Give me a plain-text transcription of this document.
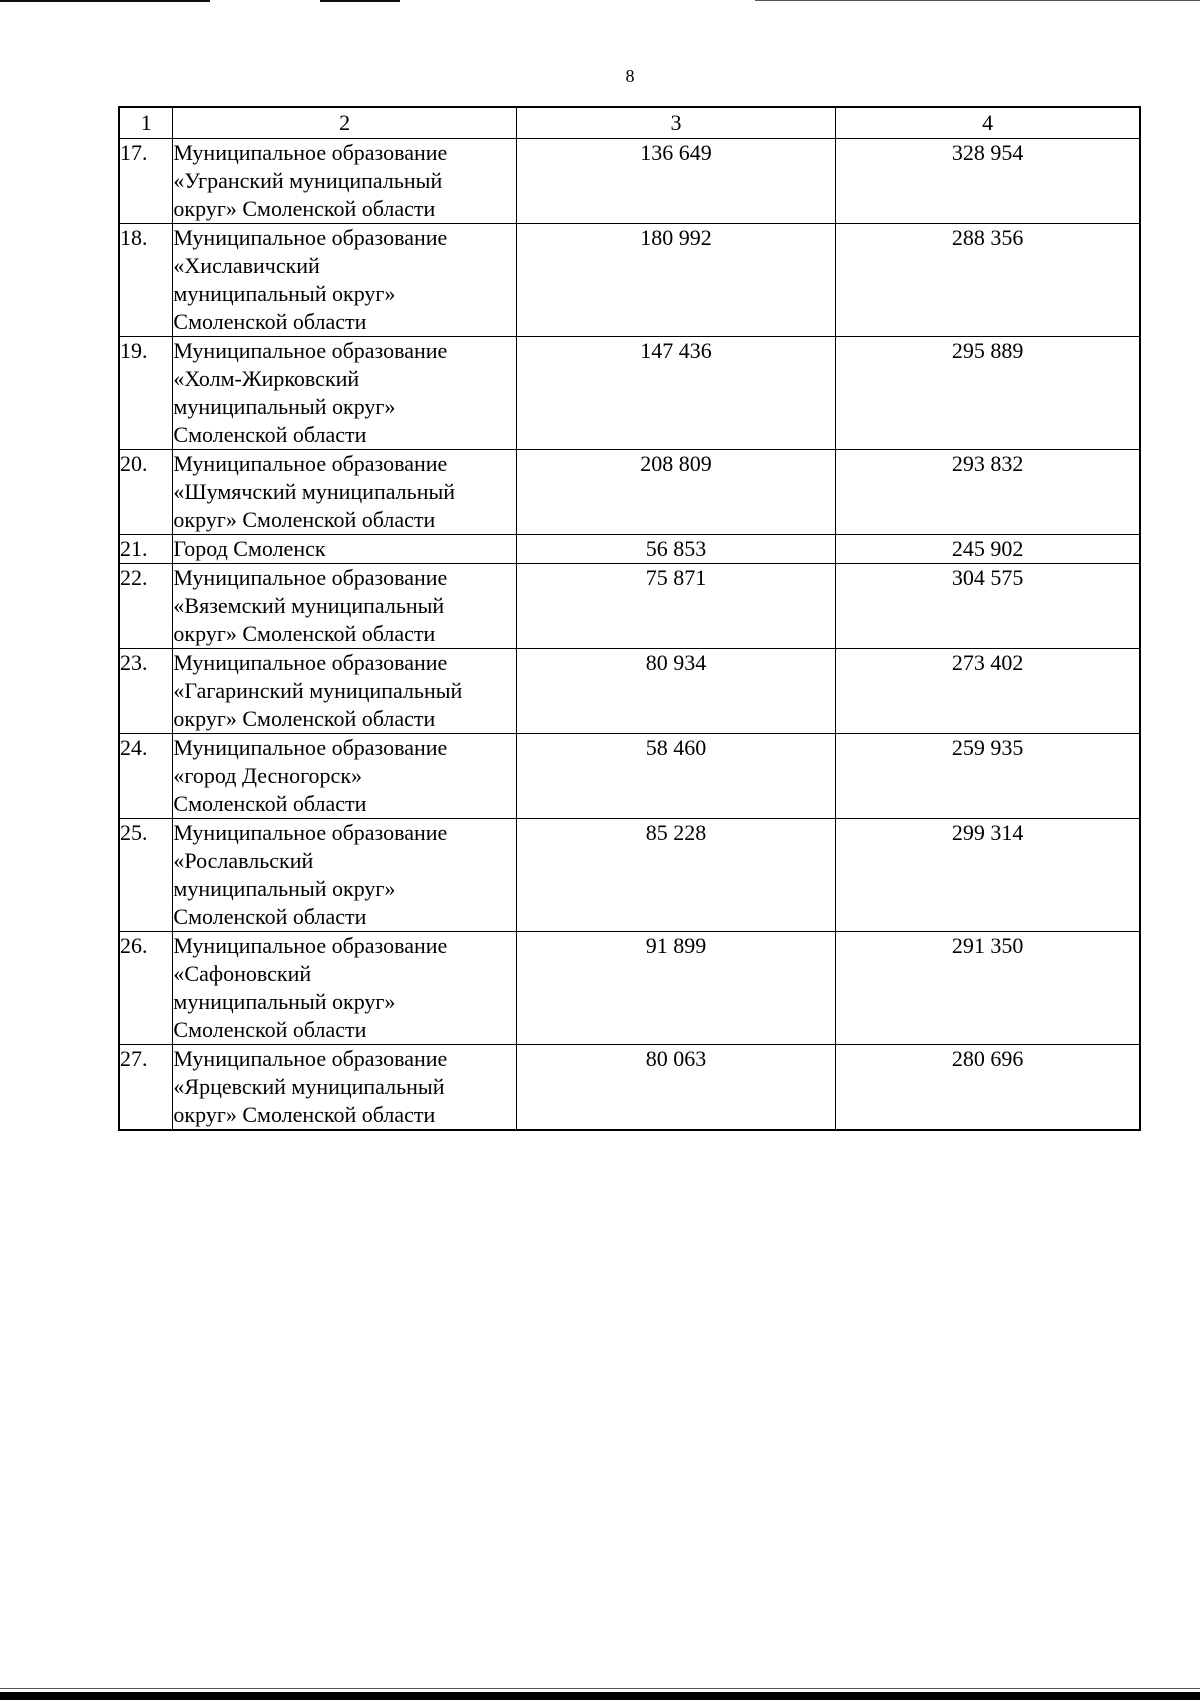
8
1	2	3	4
17.	Муниципальное образование
«Угранский муниципальный
округ» Смоленской области	136 649	328 954
18.	Муниципальное образование
«Хиславичский
муниципальный округ»
Смоленской области	180 992	288 356
19.	Муниципальное образование
«Холм-Жирковский
муниципальный округ»
Смоленской области	147 436	295 889
20.	Муниципальное образование
«Шумячский муниципальный
округ» Смоленской области	208 809	293 832
21.	Город Смоленск	56 853	245 902
22.	Муниципальное образование
«Вяземский муниципальный
округ» Смоленской области	75 871	304 575
23.	Муниципальное образование
«Гагаринский муниципальный
округ» Смоленской области	80 934	273 402
24.	Муниципальное образование
«город Десногорск»
Смоленской области	58 460	259 935
25.	Муниципальное образование
«Рославльский
муниципальный округ»
Смоленской области	85 228	299 314
26.	Муниципальное образование
«Сафоновский
муниципальный округ»
Смоленской области	91 899	291 350
27.	Муниципальное образование
«Ярцевский муниципальный
округ» Смоленской области	80 063	280 696
